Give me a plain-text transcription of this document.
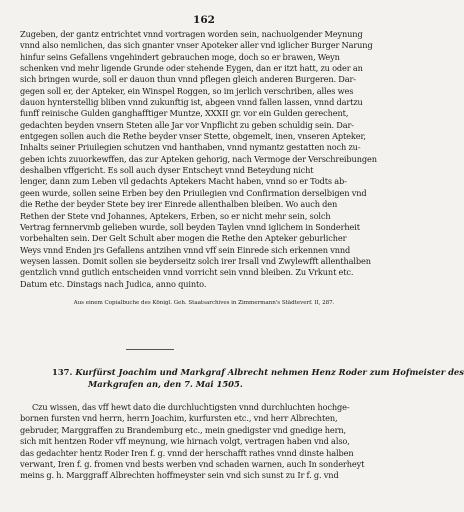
162
Zugeben, der gantz entrichtet vnnd vortragen worden sein, nachuolgender Meynung
vnnd also nemlichen, das sich gnanter vnser Apoteker aller vnd iglicher Burger Narung
hinfur seins Gefallens vngehindert gebrauchen moge, doch so er brawen, Weyn
schenken vnd mehr ligende Grunde oder stehende Eygen, dan er itzt hatt, zu oder an
sich bringen wurde, soll er dauon thun vnnd pflegen gleich anderen Burgeren. Dar-
gegen soll er, der Apteker, ein Winspel Roggen, so im jerlich verschriben, alles wes
dauon hynterstellig bliben vnnd zukunftig ist, abgeen vnnd fallen lassen, vnnd dartzu
funff reinische Gulden ganghafftiger Muntze, XXXII gr. vor ein Gulden gerechent,
gedachten beyden vnsern Steten alle Jar vor Vnpflicht zu geben schuldig sein. Dar-
entgegen sollen auch die Rethe beyder vnser Stette, obgemelt, inen, vnseren Apteker,
Inhalts seiner Priuilegien schutzen vnd hanthaben, vnnd nymantz gestatten noch zu-
geben ichts zuuorkewffen, das zur Apteken gehorig, nach Vermoge der Verschreibungen
deshalben vffgericht. Es soll auch dyser Entscheyt vnnd Beteydung nicht
lenger, dann zum Leben vil gedachts Aptekers Macht haben, vnnd so er Todts ab-
geen wurde, sollen seine Erben bey den Priuilegien vnd Confirmation derselbigen vnd
die Rethe der beyder Stete bey irer Einrede allenthalben bleiben. Wo auch den
Rethen der Stete vnd Johannes, Aptekers, Erben, so er nicht mehr sein, solch
Vertrag fernnervmb gelieben wurde, soll beyden Taylen vnnd iglichem in Sonderheit
vorbehalten sein. Der Gelt Schult aber mogen die Rethe den Apteker geburlicher
Weys vnnd Enden jrs Gefallens antzihen vnnd vff sein Einrede sich erkennen vnnd
weysen lassen. Domit sollen sie beyderseitz solch irer Irsall vnd Zwylewfft allenthalben
gentzlich vnnd gutlich entscheiden vnnd vorricht sein vnnd bleiben. Zu Vrkunt etc.
Datum etc. Dinstags nach Judica, anno quinto.
Aus einem Copialbuche des Königl. Geh. Staatsarchives in Zimmermann's Städteverf. II, 287.
137. Kurfürst Joachim und Markgraf Albrecht nehmen Henz Roder zum Hofmeister des
Markgrafen an, den 7. Mai 1505.
Czu wissen, das vff hewt dato die durchluchtigsten vnnd durchluchten hochge-
bornen fursten vnd herrn, herrn Joachim, kurfursten etc., vnd herr Albrechten,
gebruder, Marggraffen zu Brandemburg etc., mein gnedigster vnd gnedige hern,
sich mit hentzen Roder vff meynung, wie hirnach volgt, vertragen haben vnd also,
das gedachter hentz Roder Iren f. g. vnnd der herschafft rathes vnnd dinste halben
verwant, Iren f. g. fromen vnd bests werben vnd schaden warnen, auch In sonderheyt
meins g. h. Marggraff Albrechten hoffmeyster sein vnd sich sunst zu Ir f. g. vnd
